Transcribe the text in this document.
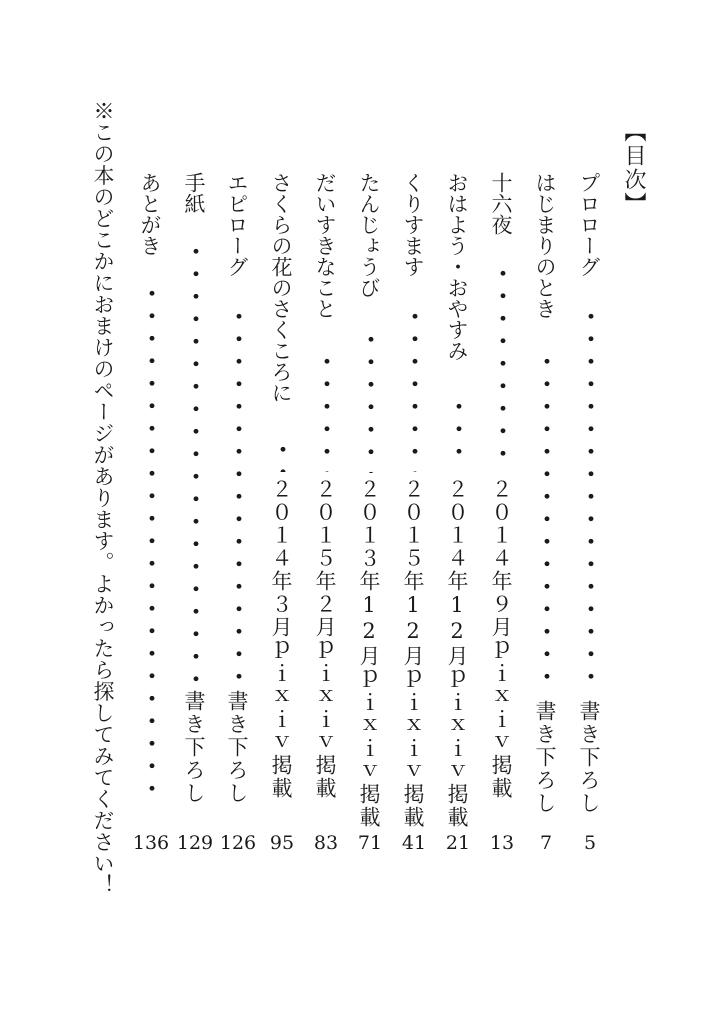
【目次】
プロローグ
書き下ろし
5
はじまりのとき
書き下ろし
7
十六夜
２０１４年９月ｐｉｘｉｖ掲載
13
おはよう・おやすみ
２０１４年12月ｐｉｘｉｖ掲載
21
くりすます
２０１５年12月ｐｉｘｉｖ掲載
41
たんじょうび
２０１３年12月ｐｉｘｉｖ掲載
71
だいすきなこと
２０１５年２月ｐｉｘｉｖ掲載
83
さくらの花のさくころに
２０１４年３月ｐｉｘｉｖ掲載
95
エピローグ
書き下ろし
126
手紙
書き下ろし
129
あとがき
136
※この本のどこかにおまけのページがあります。よかったら探してみてください！
